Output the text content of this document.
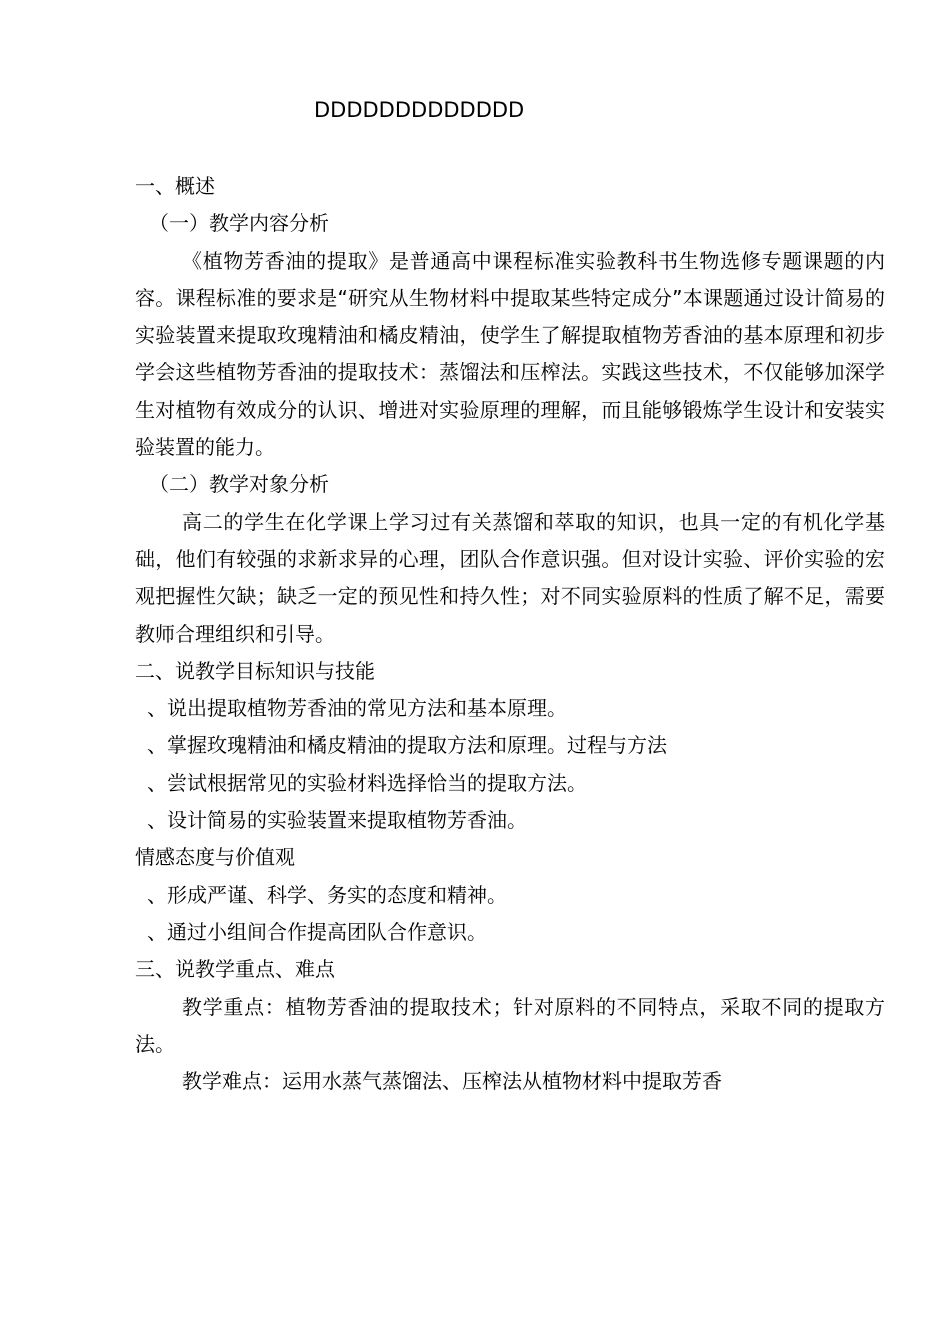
DDDDDDDDDDDDD
一、概述
（一）教学内容分析
《植物芳香油的提取》是普通高中课程标准实验教科书生物选修专题课题的内容。课程标准的要求是“研究从生物材料中提取某些特定成分”本课题通过设计简易的实验装置来提取玫瑰精油和橘皮精油，使学生了解提取植物芳香油的基本原理和初步学会这些植物芳香油的提取技术：蒸馏法和压榨法。实践这些技术，不仅能够加深学生对植物有效成分的认识、增进对实验原理的理解，而且能够锻炼学生设计和安装实验装置的能力。
（二）教学对象分析
高二的学生在化学课上学习过有关蒸馏和萃取的知识，也具一定的有机化学基础，他们有较强的求新求异的心理，团队合作意识强。但对设计实验、评价实验的宏观把握性欠缺；缺乏一定的预见性和持久性；对不同实验原料的性质了解不足，需要教师合理组织和引导。
二、说教学目标知识与技能
、说出提取植物芳香油的常见方法和基本原理。
、掌握玫瑰精油和橘皮精油的提取方法和原理。过程与方法
、尝试根据常见的实验材料选择恰当的提取方法。
、设计简易的实验装置来提取植物芳香油。
情感态度与价值观
、形成严谨、科学、务实的态度和精神。
、通过小组间合作提高团队合作意识。
三、说教学重点、难点
教学重点：植物芳香油的提取技术；针对原料的不同特点，采取不同的提取方法。
教学难点：运用水蒸气蒸馏法、压榨法从植物材料中提取芳香
